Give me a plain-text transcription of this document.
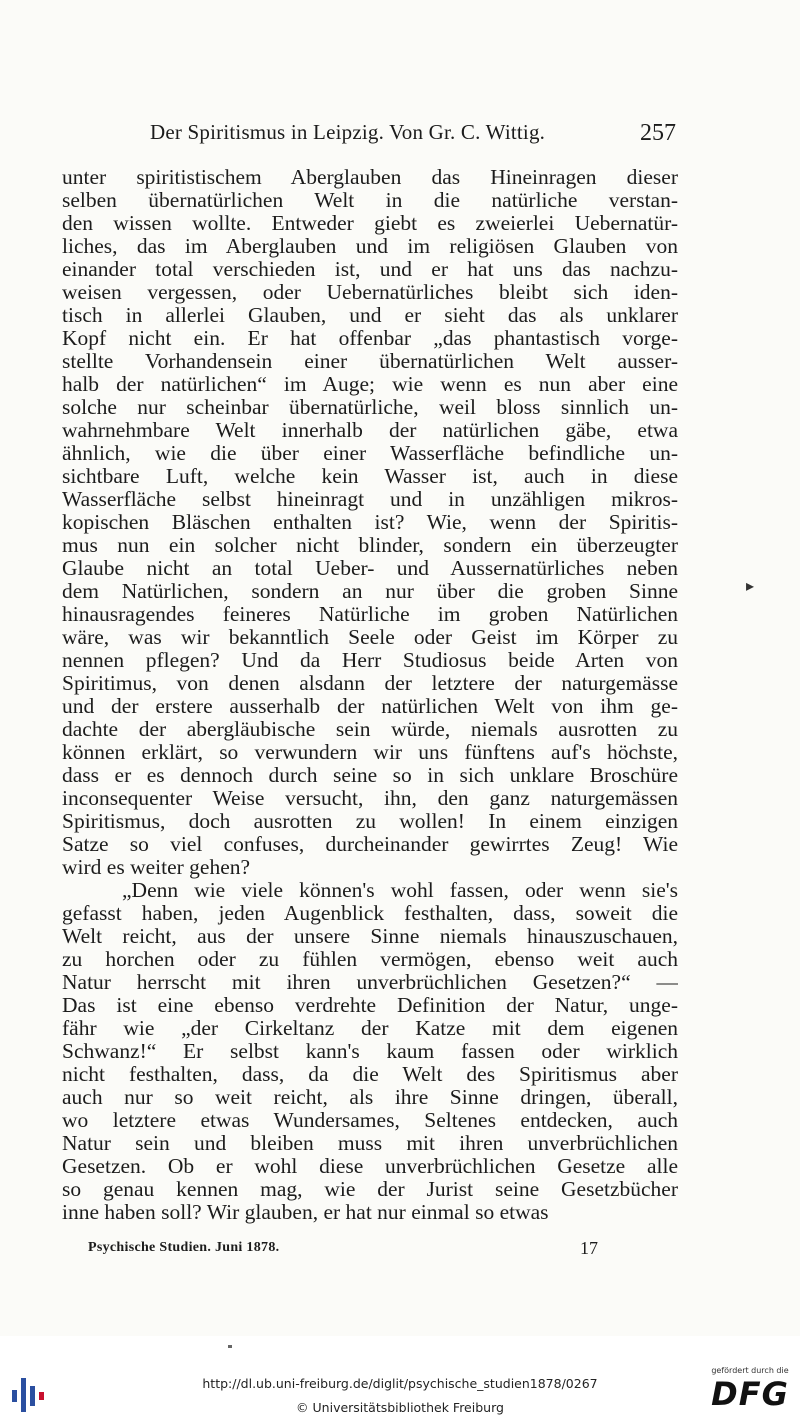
Der Spiritismus in Leipzig. Von Gr. C. Wittig.	257
unter spiritistischem Aberglauben das Hineinragen dieser
selben übernatürlichen Welt in die natürliche verstan-
den wissen wollte. Entweder giebt es zweierlei Uebernatür-
liches, das im Aberglauben und im religiösen Glauben von
einander total verschieden ist, und er hat uns das nachzu-
weisen vergessen, oder Uebernatürliches bleibt sich iden-
tisch in allerlei Glauben, und er sieht das als unklarer
Kopf nicht ein. Er hat offenbar „das phantastisch vorge-
stellte Vorhandensein einer übernatürlichen Welt ausser-
halb der natürlichen“ im Auge; wie wenn es nun aber eine
solche nur scheinbar übernatürliche, weil bloss sinnlich un-
wahrnehmbare Welt innerhalb der natürlichen gäbe, etwa
ähnlich, wie die über einer Wasserfläche befindliche un-
sichtbare Luft, welche kein Wasser ist, auch in diese
Wasserfläche selbst hineinragt und in unzähligen mikros-
kopischen Bläschen enthalten ist? Wie, wenn der Spiritis-
mus nun ein solcher nicht blinder, sondern ein überzeugter
Glaube nicht an total Ueber- und Aussernatürliches neben
dem Natürlichen, sondern an nur über die groben Sinne
hinausragendes feineres Natürliche im groben Natürlichen
wäre, was wir bekanntlich Seele oder Geist im Körper zu
nennen pflegen? Und da Herr Studiosus beide Arten von
Spiritimus, von denen alsdann der letztere der naturgemässe
und der erstere ausserhalb der natürlichen Welt von ihm ge-
dachte der abergläubische sein würde, niemals ausrotten zu
können erklärt, so verwundern wir uns fünftens auf's höchste,
dass er es dennoch durch seine so in sich unklare Broschüre
inconsequenter Weise versucht, ihn, den ganz naturgemässen
Spiritismus, doch ausrotten zu wollen! In einem einzigen
Satze so viel confuses, durcheinander gewirrtes Zeug! Wie
wird es weiter gehen?
„Denn wie viele können's wohl fassen, oder wenn sie's
gefasst haben, jeden Augenblick festhalten, dass, soweit die
Welt reicht, aus der unsere Sinne niemals hinauszuschauen,
zu horchen oder zu fühlen vermögen, ebenso weit auch
Natur herrscht mit ihren unverbrüchlichen Gesetzen?“ —
Das ist eine ebenso verdrehte Definition der Natur, unge-
fähr wie „der Cirkeltanz der Katze mit dem eigenen
Schwanz!“ Er selbst kann's kaum fassen oder wirklich
nicht festhalten, dass, da die Welt des Spiritismus aber
auch nur so weit reicht, als ihre Sinne dringen, überall,
wo letztere etwas Wundersames, Seltenes entdecken, auch
Natur sein und bleiben muss mit ihren unverbrüchlichen
Gesetzen. Ob er wohl diese unverbrüchlichen Gesetze alle
so genau kennen mag, wie der Jurist seine Gesetzbücher
inne haben soll? Wir glauben, er hat nur einmal so etwas
▸
Psychische Studien. Juni 1878.	17
http://dl.ub.uni-freiburg.de/diglit/psychische_studien1878/0267
© Universitätsbibliothek Freiburg
gefördert durch die
DFG
